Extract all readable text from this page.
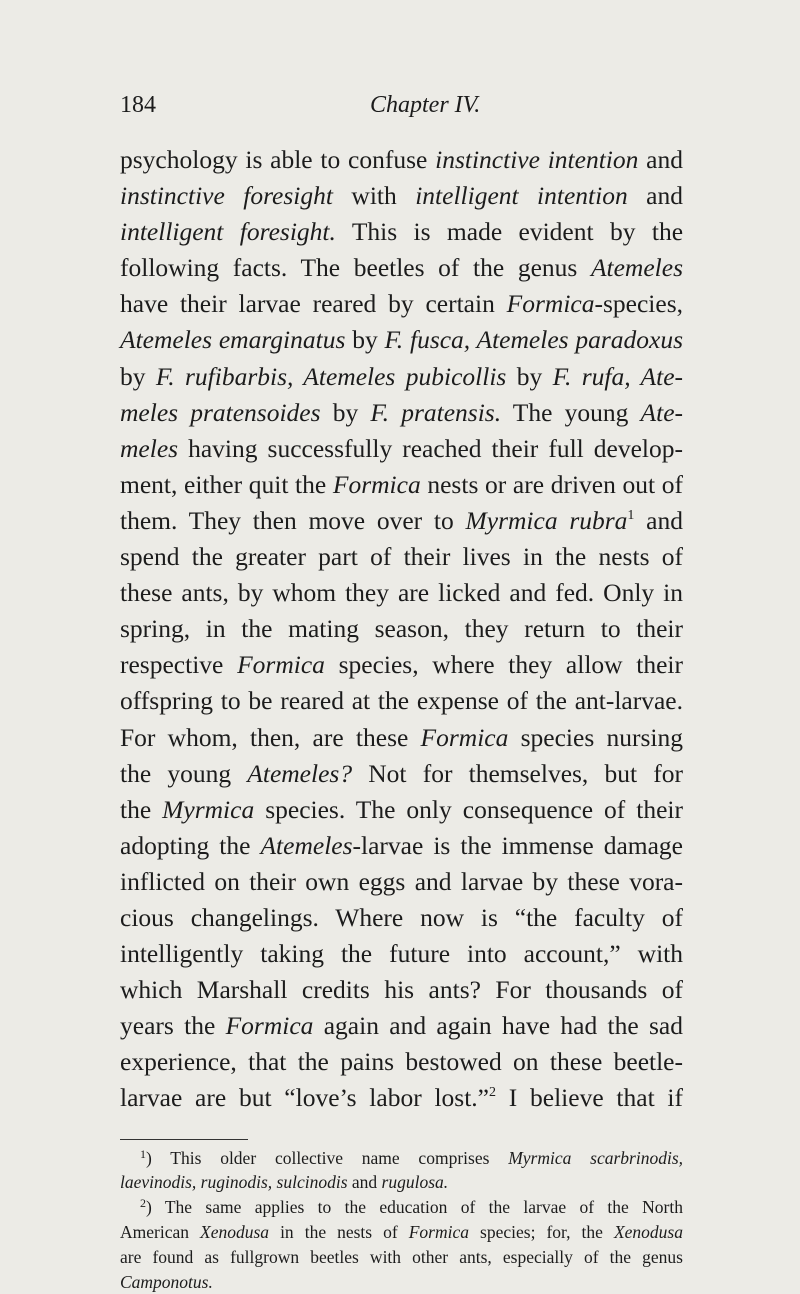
184	Chapter IV.
psychology is able to confuse instinctive intention and
instinctive foresight with intelligent intention and
intelligent foresight. This is made evident by the
following facts. The beetles of the genus Atemeles
have their larvae reared by certain Formica-species,
Atemeles emarginatus by F. fusca, Atemeles paradoxus
by F. rufibarbis, Atemeles pubicollis by F. rufa, Ate-
meles pratensoides by F. pratensis. The young Ate-
meles having successfully reached their full develop-
ment, either quit the Formica nests or are driven out of
them. They then move over to Myrmica rubra$^1$ and
spend the greater part of their lives in the nests of
these ants, by whom they are licked and fed. Only in
spring, in the mating season, they return to their
respective Formica species, where they allow their
offspring to be reared at the expense of the ant-larvae.
For whom, then, are these Formica species nursing
the young Atemeles? Not for themselves, but for
the Myrmica species. The only consequence of their
adopting the Atemeles-larvae is the immense damage
inflicted on their own eggs and larvae by these vora-
cious changelings. Where now is “the faculty of
intelligently taking the future into account,” with
which Marshall credits his ants? For thousands of
years the Formica again and again have had the sad
experience, that the pains bestowed on these beetle-
larvae are but “love’s labor lost.”$^2$ I believe that if
$^1$) This older collective name comprises Myrmica scarbrinodis,
laevinodis, ruginodis, sulcinodis and rugulosa.
$^2$) The same applies to the education of the larvae of the North
American Xenodusa in the nests of Formica species; for, the Xenodusa
are found as fullgrown beetles with other ants, especially of the genus
Camponotus.
